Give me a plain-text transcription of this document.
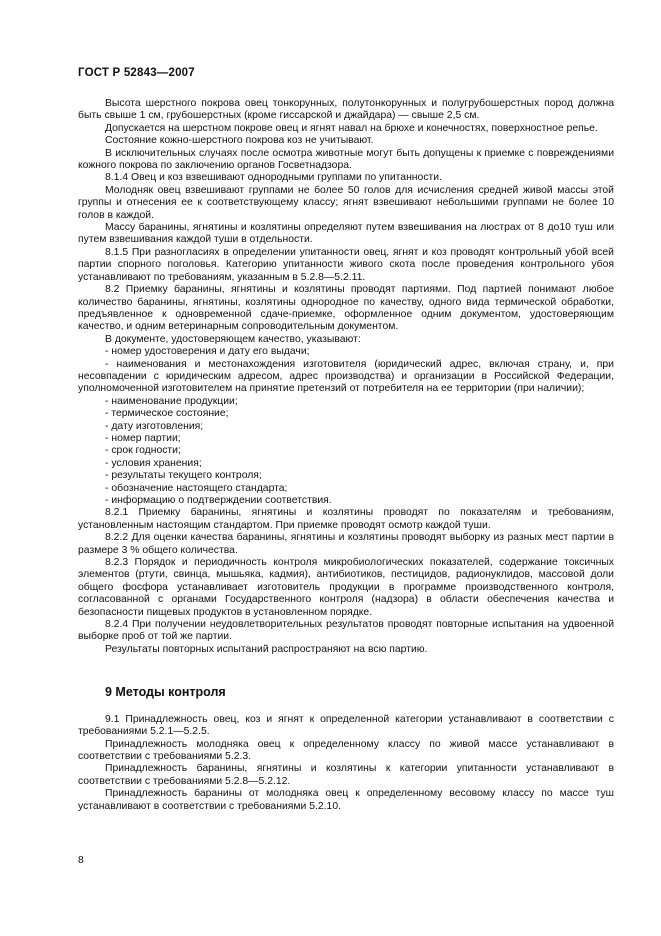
ГОСТ Р 52843—2007

Высота шерстного покрова овец тонкорунных, полутонкорунных и полугрубошерстных пород должна быть свыше 1 см, грубошерстных (кроме гиссарской и джайдара) — свыше 2,5 см.

Допускается на шерстном покрове овец и ягнят навал на брюхе и конечностях, поверхностное репье.

Состояние кожно-шерстного покрова коз не учитывают.

В исключительных случаях после осмотра животные могут быть допущены к приемке с повреждениями кожного покрова по заключению органов Госветнадзора.

8.1.4 Овец и коз взвешивают однородными группами по упитанности.

Молодняк овец взвешивают группами не более 50 голов для исчисления средней живой массы этой группы и отнесения ее к соответствующему классу; ягнят взвешивают небольшими группами не более 10 голов в каждой.

Массу баранины, ягнятины и козлятины определяют путем взвешивания на люстрах от 8 до10 туш или путем взвешивания каждой туши в отдельности.

8.1.5 При разногласиях в определении упитанности овец, ягнят и коз проводят контрольный убой всей партии спорного поголовья. Категорию упитанности живого скота после проведения контрольного убоя устанавливают по требованиям, указанным в 5.2.8—5.2.11.

8.2 Приемку баранины, ягнятины и козлятины проводят партиями. Под партией понимают любое количество баранины, ягнятины, козлятины однородное по качеству, одного вида термической обработки, предъявленное к одновременной сдаче-приемке, оформленное одним документом, удостоверяющим качество, и одним ветеринарным сопроводительным документом.

В документе, удостоверяющем качество, указывают:

- номер удостоверения и дату его выдачи;

- наименования и местонахождения изготовителя (юридический адрес, включая страну, и, при несовпадении с юридическим адресом, адрес производства) и организации в Российской Федерации, уполномоченной изготовителем на принятие претензий от потребителя на ее территории (при наличии);

- наименование продукции;

- термическое состояние;

- дату изготовления;

- номер партии;

- срок годности;

- условия хранения;

- результаты текущего контроля;

- обозначение настоящего стандарта;

- информацию о подтверждении соответствия.

8.2.1 Приемку баранины, ягнятины и козлятины проводят по показателям и требованиям, установленным настоящим стандартом. При приемке проводят осмотр каждой туши.

8.2.2 Для оценки качества баранины, ягнятины и козлятины проводят выборку из разных мест партии в размере 3 % общего количества.

8.2.3 Порядок и периодичность контроля микробиологических показателей, содержание токсичных элементов (ртути, свинца, мышьяка, кадмия), антибиотиков, пестицидов, радионуклидов, массовой доли общего фосфора устанавливает изготовитель продукции в программе производственного контроля, согласованной с органами Государственного контроля (надзора) в области обеспечения качества и безопасности пищевых продуктов в установленном порядке.

8.2.4 При получении неудовлетворительных результатов проводят повторные испытания на удвоенной выборке проб от той же партии.

Результаты повторных испытаний распространяют на всю партию.

9 Методы контроля

9.1 Принадлежность овец, коз и ягнят к определенной категории устанавливают в соответствии с требованиями 5.2.1—5.2.5.

Принадлежность молодняка овец к определенному классу по живой массе устанавливают в соответствии с требованиями 5.2.3.

Принадлежность баранины, ягнятины и козлятины к категории упитанности устанавливают в соответствии с требованиями 5.2.8—5.2.12.

Принадлежность баранины от молодняка овец к определенному весовому классу по массе туш устанавливают в соответствии с требованиями 5.2.10.

8
